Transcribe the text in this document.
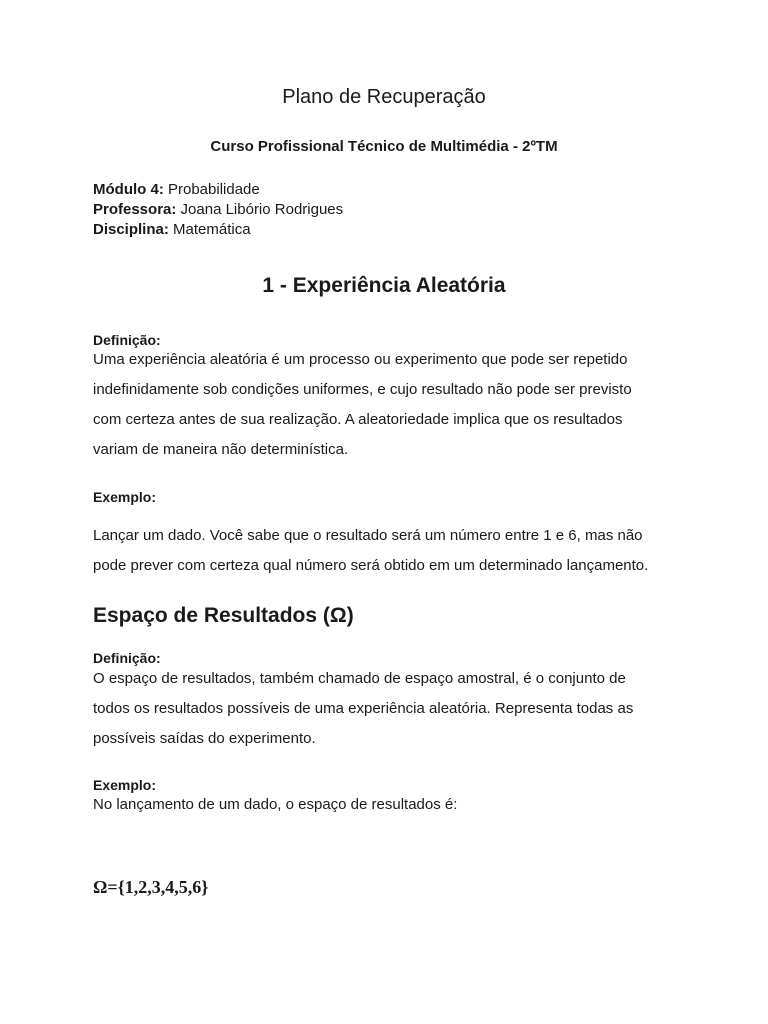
Plano de Recuperação
Curso Profissional Técnico de Multimédia - 2ºTM
Módulo 4: Probabilidade
Professora: Joana Libório Rodrigues
Disciplina: Matemática
1 - Experiência Aleatória
Definição:

Uma experiência aleatória é um processo ou experimento que pode ser repetido
indefinidamente sob condições uniformes, e cujo resultado não pode ser previsto
com certeza antes de sua realização. A aleatoriedade implica que os resultados
variam de maneira não determinística.

Exemplo:

Lançar um dado. Você sabe que o resultado será um número entre 1 e 6, mas não
pode prever com certeza qual número será obtido em um determinado lançamento.

Espaço de Resultados (Ω)
Definição:

O espaço de resultados, também chamado de espaço amostral, é o conjunto de
todos os resultados possíveis de uma experiência aleatória. Representa todas as
possíveis saídas do experimento.

Exemplo:

No lançamento de um dado, o espaço de resultados é:

Ω={1,2,3,4,5,6}
